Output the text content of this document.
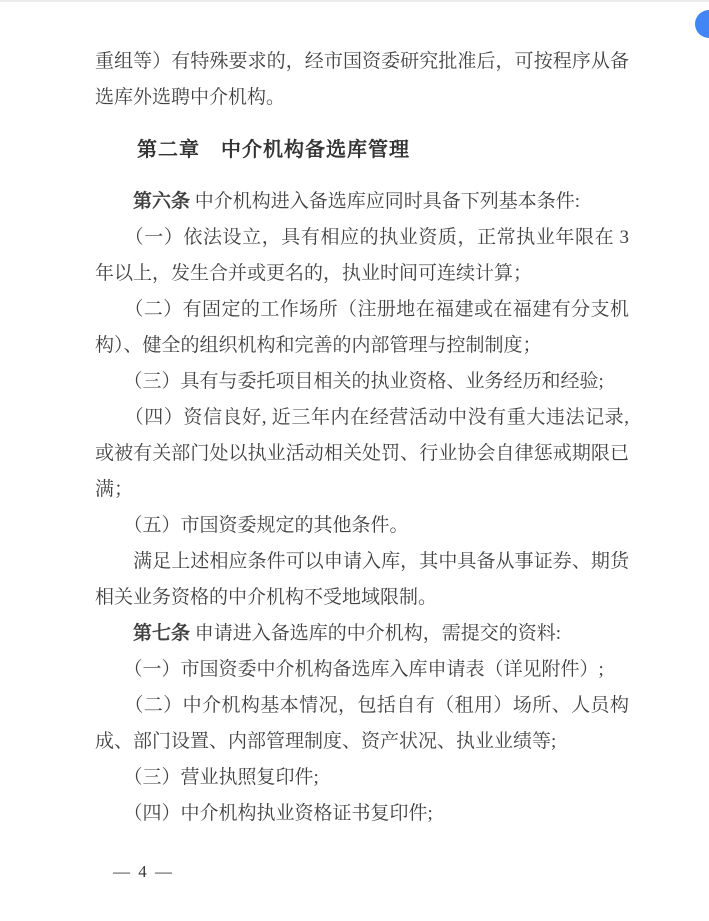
重组等）有特殊要求的，经市国资委研究批准后，可按程序从备
选库外选聘中介机构。
　　第二章　中介机构备选库管理
　　第六条 中介机构进入备选库应同时具备下列基本条件:
　　（一）依法设立，具有相应的执业资质，正常执业年限在 3
年以上，发生合并或更名的，执业时间可连续计算；
　　（二）有固定的工作场所（注册地在福建或在福建有分支机
构）、健全的组织机构和完善的内部管理与控制制度；
　　（三）具有与委托项目相关的执业资格、业务经历和经验;
　　（四）资信良好, 近三年内在经营活动中没有重大违法记录,
或被有关部门处以执业活动相关处罚、行业协会自律惩戒期限已
满；
　　（五）市国资委规定的其他条件。
　　满足上述相应条件可以申请入库，其中具备从事证券、期货
相关业务资格的中介机构不受地域限制。
　　第七条 申请进入备选库的中介机构，需提交的资料:
　　（一）市国资委中介机构备选库入库申请表（详见附件）;
　　（二）中介机构基本情况，包括自有（租用）场所、人员构
成、部门设置、内部管理制度、资产状况、执业业绩等;
　　（三）营业执照复印件;
　　（四）中介机构执业资格证书复印件;
— 4 —
